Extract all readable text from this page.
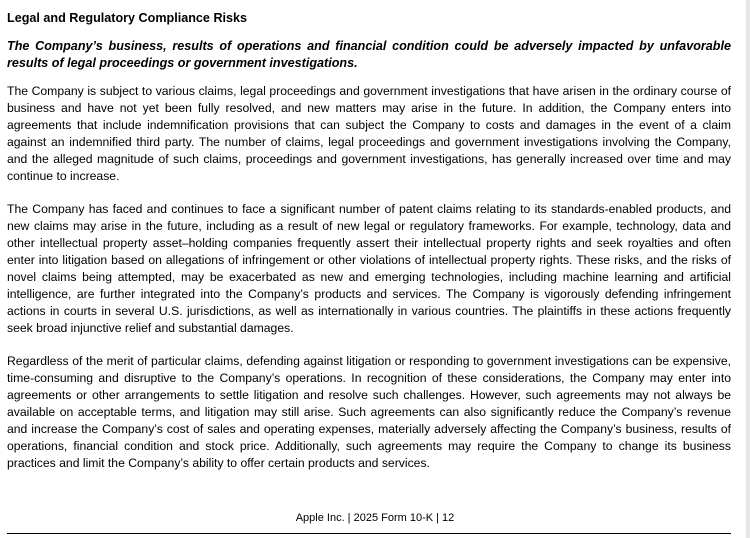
Legal and Regulatory Compliance Risks
The Company’s business, results of operations and financial condition could be adversely impacted by unfavorable results of legal proceedings or government investigations.

The Company is subject to various claims, legal proceedings and government investigations that have arisen in the ordinary course of business and have not yet been fully resolved, and new matters may arise in the future. In addition, the Company enters into agreements that include indemnification provisions that can subject the Company to costs and damages in the event of a claim against an indemnified third party. The number of claims, legal proceedings and government investigations involving the Company, and the alleged magnitude of such claims, proceedings and government investigations, has generally increased over time and may continue to increase.

The Company has faced and continues to face a significant number of patent claims relating to its standards-enabled products, and new claims may arise in the future, including as a result of new legal or regulatory frameworks. For example, technology, data and other intellectual property asset–holding companies frequently assert their intellectual property rights and seek royalties and often enter into litigation based on allegations of infringement or other violations of intellectual property rights. These risks, and the risks of novel claims being attempted, may be exacerbated as new and emerging technologies, including machine learning and artificial intelligence, are further integrated into the Company’s products and services. The Company is vigorously defending infringement actions in courts in several U.S. jurisdictions, as well as internationally in various countries. The plaintiffs in these actions frequently seek broad injunctive relief and substantial damages.

Regardless of the merit of particular claims, defending against litigation or responding to government investigations can be expensive, time-consuming and disruptive to the Company’s operations. In recognition of these considerations, the Company may enter into agreements or other arrangements to settle litigation and resolve such challenges. However, such agreements may not always be available on acceptable terms, and litigation may still arise. Such agreements can also significantly reduce the Company’s revenue and increase the Company’s cost of sales and operating expenses, materially adversely affecting the Company’s business, results of operations, financial condition and stock price. Additionally, such agreements may require the Company to change its business practices and limit the Company’s ability to offer certain products and services.

Apple Inc. | 2025 Form 10-K | 12
